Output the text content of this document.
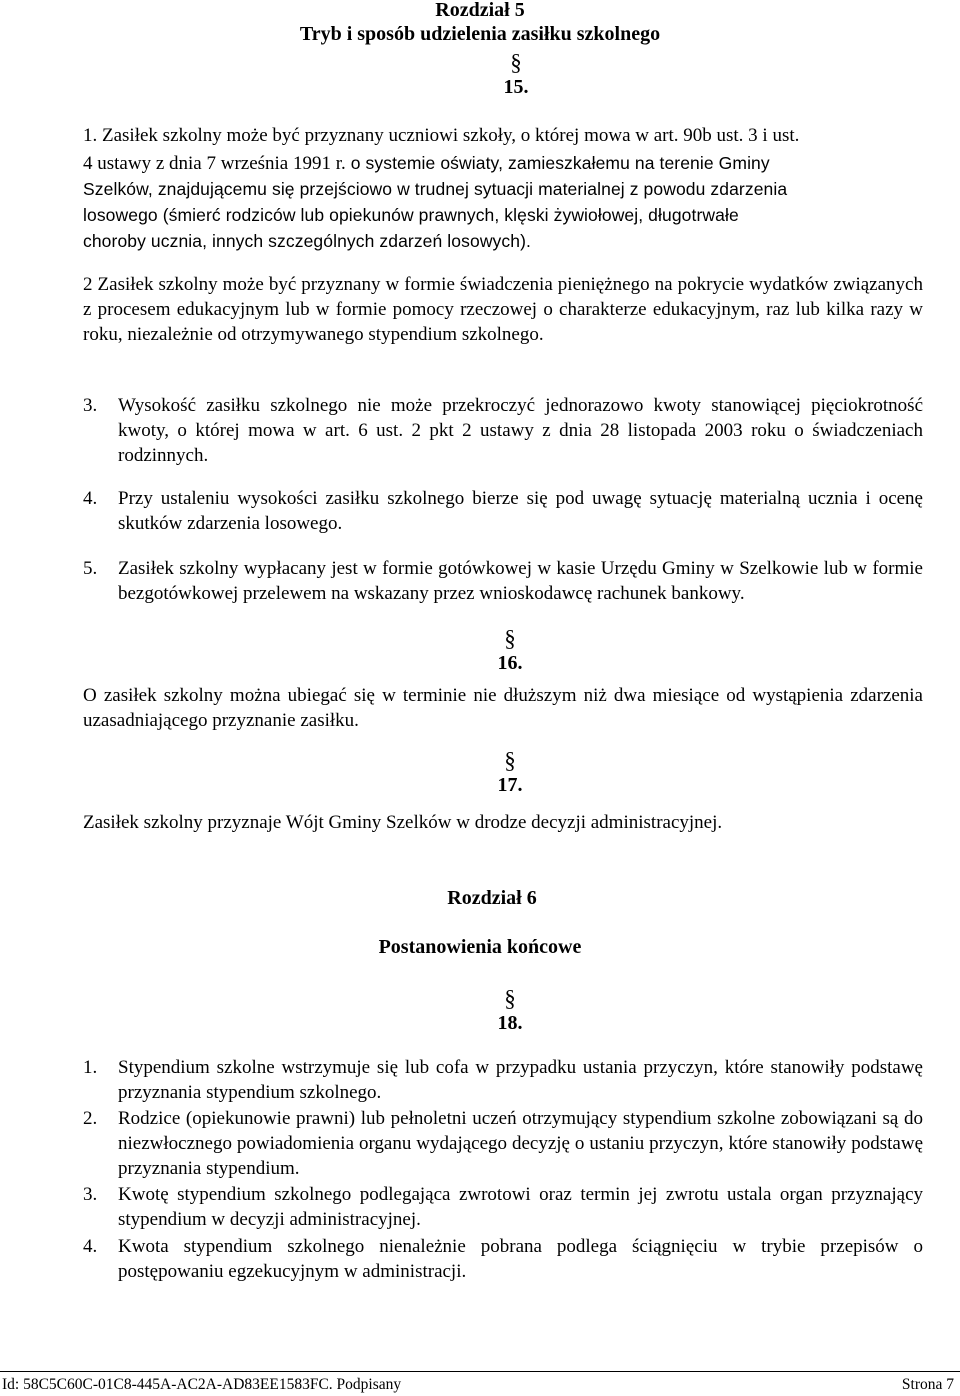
Rozdział 5
Tryb i sposób udzielenia zasiłku szkolnego
§
15.
1. Zasiłek szkolny może być przyznany uczniowi szkoły, o której mowa w art. 90b ust. 3 i ust.
4 ustawy z dnia 7 września 1991 r. o systemie oświaty, zamieszkałemu na terenie Gminy
Szelków, znajdującemu się przejściowo w trudnej sytuacji materialnej z powodu zdarzenia
losowego (śmierć rodziców lub opiekunów prawnych, klęski żywiołowej, długotrwałe
choroby ucznia, innych szczególnych zdarzeń losowych).
2 Zasiłek szkolny może być przyznany w formie świadczenia pieniężnego na pokrycie wydatków związanych z procesem edukacyjnym lub w formie pomocy rzeczowej o charakterze edukacyjnym, raz lub kilka razy w roku, niezależnie od otrzymywanego stypendium szkolnego.
3. Wysokość zasiłku szkolnego nie może przekroczyć jednorazowo kwoty stanowiącej pięciokrotność kwoty, o której mowa w art. 6 ust. 2 pkt 2 ustawy z dnia 28 listopada 2003 roku o świadczeniach rodzinnych.
4. Przy ustaleniu wysokości zasiłku szkolnego bierze się pod uwagę sytuację materialną ucznia i ocenę skutków zdarzenia losowego.
5. Zasiłek szkolny wypłacany jest w formie gotówkowej w kasie Urzędu Gminy w Szelkowie lub w formie bezgotówkowej przelewem na wskazany przez wnioskodawcę rachunek bankowy.
§
16.
O zasiłek szkolny można ubiegać się w terminie nie dłuższym niż dwa miesiące od wystąpienia zdarzenia uzasadniającego przyznanie zasiłku.
§
17.
Zasiłek szkolny przyznaje Wójt Gminy Szelków w drodze decyzji administracyjnej.
Rozdział 6
Postanowienia końcowe
§
18.
1. Stypendium szkolne wstrzymuje się lub cofa w przypadku ustania przyczyn, które stanowiły podstawę przyznania stypendium szkolnego.
2. Rodzice (opiekunowie prawni) lub pełnoletni uczeń otrzymujący stypendium szkolne zobowiązani są do niezwłocznego powiadomienia organu wydającego decyzję o ustaniu przyczyn, które stanowiły podstawę przyznania stypendium.
3. Kwotę stypendium szkolnego podlegająca zwrotowi oraz termin jej zwrotu ustala organ przyznający stypendium w decyzji administracyjnej.
4. Kwota stypendium szkolnego nienależnie pobrana podlega ściągnięciu w trybie przepisów o postępowaniu egzekucyjnym w administracji.
Id: 58C5C60C-01C8-445A-AC2A-AD83EE1583FC. Podpisany	Strona 7
